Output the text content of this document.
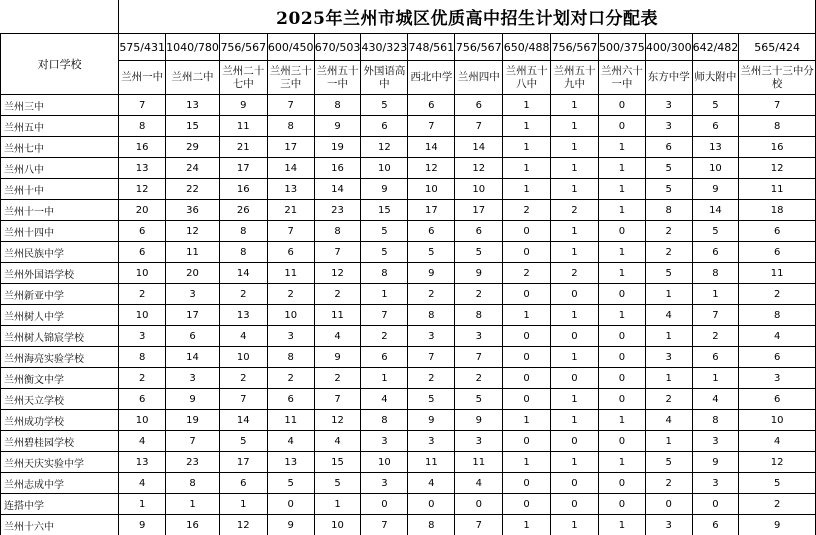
	2025年兰州市城区优质高中招生计划对口分配表													
对口学校	575/431	1040/780	756/567	600/450	670/503	430/323	748/561	756/567	650/488	756/567	500/375	400/300	642/482	565/424
	兰州一中	兰州二中	兰州二十七中	兰州三十三中	兰州五十一中	外国语高中	西北中学	兰州四中	兰州五十八中	兰州五十九中	兰州六十一中	东方中学	师大附中	兰州三十三中分校
兰州三中	7	13	9	7	8	5	6	6	1	1	0	3	5	7
兰州五中	8	15	11	8	9	6	7	7	1	1	0	3	6	8
兰州七中	16	29	21	17	19	12	14	14	1	1	1	6	13	16
兰州八中	13	24	17	14	16	10	12	12	1	1	1	5	10	12
兰州十中	12	22	16	13	14	9	10	10	1	1	1	5	9	11
兰州十一中	20	36	26	21	23	15	17	17	2	2	1	8	14	18
兰州十四中	6	12	8	7	8	5	6	6	0	1	0	2	5	6
兰州民族中学	6	11	8	6	7	5	5	5	0	1	1	2	6	6
兰州外国语学校	10	20	14	11	12	8	9	9	2	2	1	5	8	11
兰州新亚中学	2	3	2	2	2	1	2	2	0	0	0	1	1	2
兰州树人中学	10	17	13	10	11	7	8	8	1	1	1	4	7	8
兰州树人锦宸学校	3	6	4	3	4	2	3	3	0	0	0	1	2	4
兰州海亮实验学校	8	14	10	8	9	6	7	7	0	1	0	3	6	6
兰州衡文中学	2	3	2	2	2	1	2	2	0	0	0	1	1	3
兰州天立学校	6	9	7	6	7	4	5	5	0	1	0	2	4	6
兰州成功学校	10	19	14	11	12	8	9	9	1	1	1	4	8	10
兰州碧桂园学校	4	7	5	4	4	3	3	3	0	0	0	1	3	4
兰州天庆实验中学	13	23	17	13	15	10	11	11	1	1	1	5	9	12
兰州志成中学	4	8	6	5	5	3	4	4	0	0	0	2	3	5
连搭中学	1	1	1	0	1	0	0	0	0	0	0	0	0	2
兰州十六中	9	16	12	9	10	7	8	7	1	1	1	3	6	9
